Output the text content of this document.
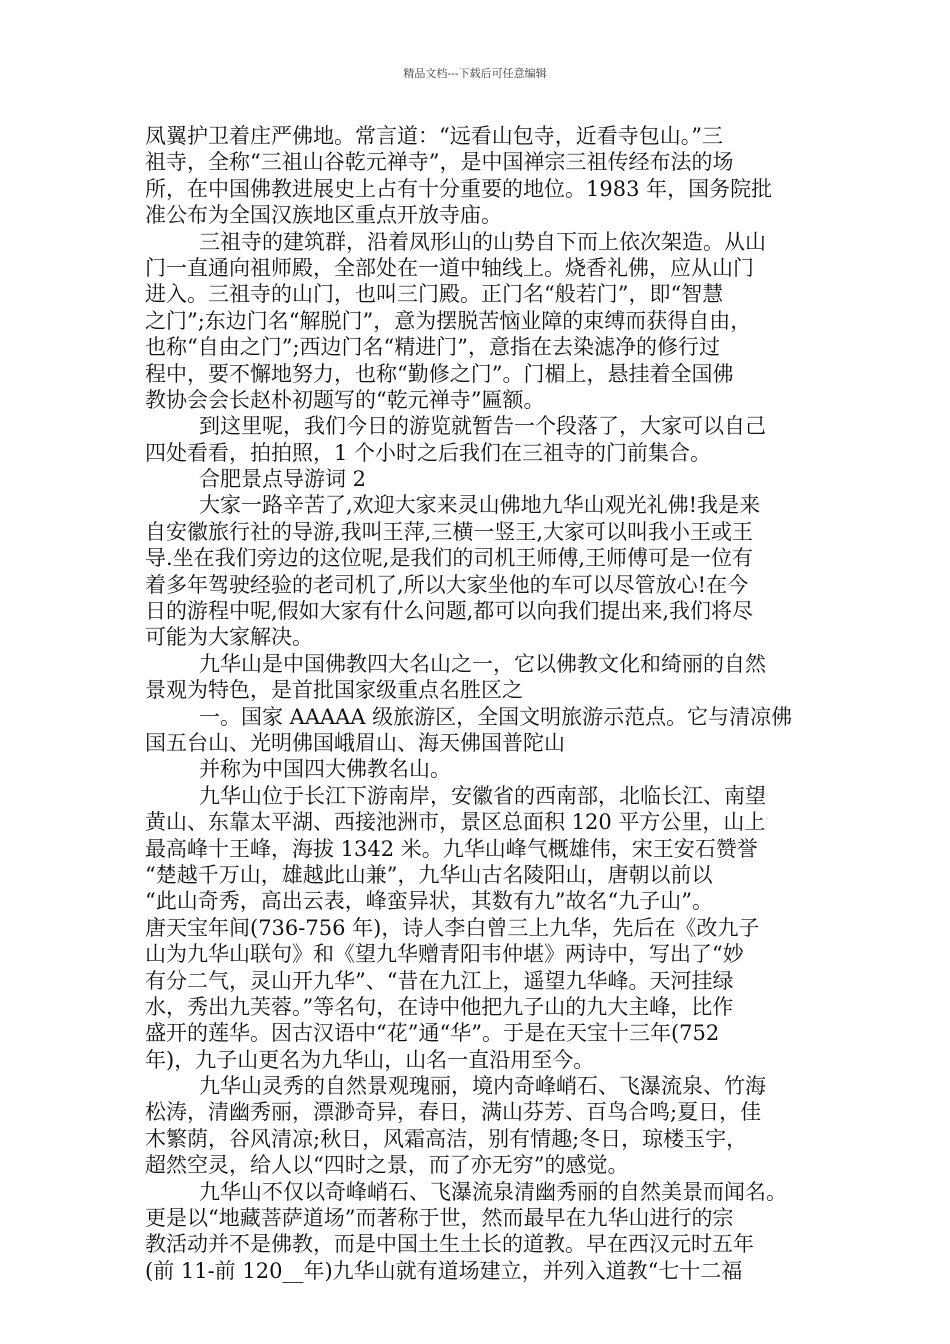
精品文档---下载后可任意编辑
凤翼护卫着庄严佛地。常言道：“远看山包寺，近看寺包山。”三
祖寺，全称“三祖山谷乾元禅寺”，是中国禅宗三祖传经布法的场
所，在中国佛教进展史上占有十分重要的地位。1983 年，国务院批
准公布为全国汉族地区重点开放寺庙。
三祖寺的建筑群，沿着凤形山的山势自下而上依次架造。从山
门一直通向祖师殿，全部处在一道中轴线上。烧香礼佛，应从山门
进入。三祖寺的山门，也叫三门殿。正门名“般若门”，即“智慧
之门”;东边门名“解脱门”，意为摆脱苦恼业障的束缚而获得自由，
也称“自由之门”;西边门名“精进门”，意指在去染滤净的修行过
程中，要不懈地努力，也称“勤修之门”。门楣上，悬挂着全国佛
教协会会长赵朴初题写的“乾元禅寺”匾额。
到这里呢，我们今日的游览就暂告一个段落了，大家可以自己
四处看看，拍拍照，1 个小时之后我们在三祖寺的门前集合。
合肥景点导游词 2
大家一路辛苦了,欢迎大家来灵山佛地九华山观光礼佛!我是来
自安徽旅行社的导游,我叫王萍,三横一竖王,大家可以叫我小王或王
导.坐在我们旁边的这位呢,是我们的司机王师傅,王师傅可是一位有
着多年驾驶经验的老司机了,所以大家坐他的车可以尽管放心!在今
日的游程中呢,假如大家有什么问题,都可以向我们提出来,我们将尽
可能为大家解决。
九华山是中国佛教四大名山之一，它以佛教文化和绮丽的自然
景观为特色，是首批国家级重点名胜区之
一。国家 AAAAA 级旅游区，全国文明旅游示范点。它与清凉佛
国五台山、光明佛国峨眉山、海天佛国普陀山
并称为中国四大佛教名山。
九华山位于长江下游南岸，安徽省的西南部，北临长江、南望
黄山、东靠太平湖、西接池洲市，景区总面积 120 平方公里，山上
最高峰十王峰，海拔 1342 米。九华山峰气概雄伟，宋王安石赞誉
“楚越千万山，雄越此山兼”，九华山古名陵阳山，唐朝以前以
“此山奇秀，高出云表，峰蛮异状，其数有九”故名“九子山”。
唐天宝年间(736-756 年)，诗人李白曾三上九华，先后在《改九子
山为九华山联句》和《望九华赠青阳韦仲堪》两诗中，写出了“妙
有分二气，灵山开九华”、“昔在九江上，遥望九华峰。天河挂绿
水，秀出九芙蓉。”等名句，在诗中他把九子山的九大主峰，比作
盛开的莲华。因古汉语中“花”通“华”。于是在天宝十三年(752
年)，九子山更名为九华山，山名一直沿用至今。
九华山灵秀的自然景观瑰丽，境内奇峰峭石、飞瀑流泉、竹海
松涛，清幽秀丽，漂渺奇异，春日，满山芬芳、百鸟合鸣;夏日，佳
木繁荫，谷风清凉;秋日，风霜高洁，别有情趣;冬日，琼楼玉宇，
超然空灵，给人以“四时之景，而了亦无穷”的感觉。
九华山不仅以奇峰峭石、飞瀑流泉清幽秀丽的自然美景而闻名。
更是以“地藏菩萨道场”而著称于世，然而最早在九华山进行的宗
教活动并不是佛教，而是中国土生土长的道教。早在西汉元时五年
(前 11-前 120__年)九华山就有道场建立，并列入道教“七十二福
